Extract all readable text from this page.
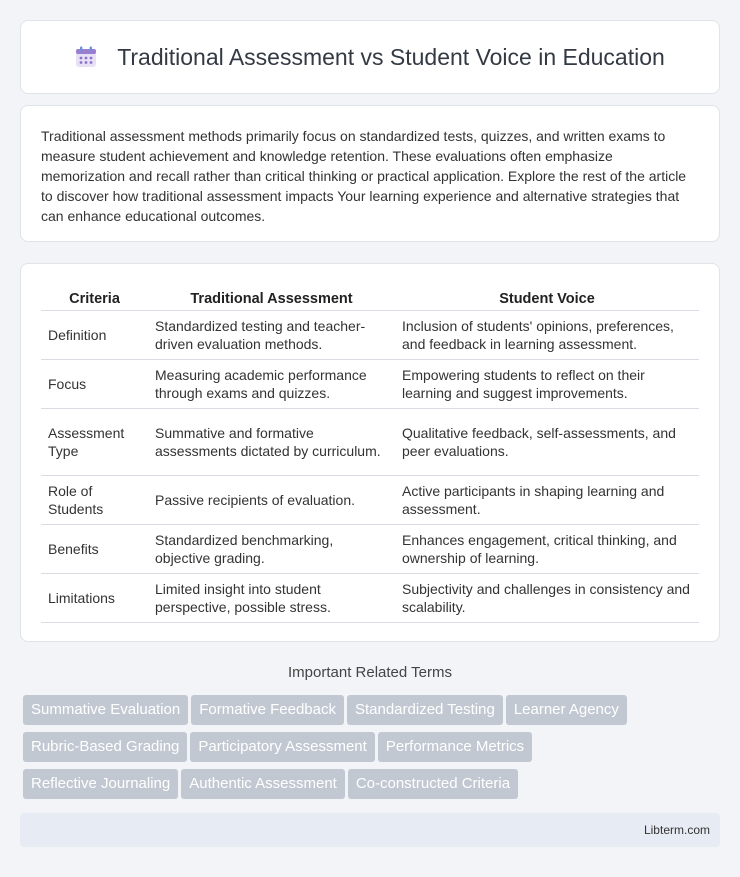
Traditional Assessment vs Student Voice in Education

Traditional assessment methods primarily focus on standardized tests, quizzes, and written exams to measure student achievement and knowledge retention. These evaluations often emphasize memorization and recall rather than critical thinking or practical application. Explore the rest of the article to discover how traditional assessment impacts Your learning experience and alternative strategies that can enhance educational outcomes.

Criteria	Traditional Assessment	Student Voice
Definition	Standardized testing and teacher-driven evaluation methods.	Inclusion of students' opinions, preferences, and feedback in learning assessment.
Focus	Measuring academic performance through exams and quizzes.	Empowering students to reflect on their learning and suggest improvements.
Assessment Type	Summative and formative assessments dictated by curriculum.	Qualitative feedback, self-assessments, and peer evaluations.
Role of Students	Passive recipients of evaluation.	Active participants in shaping learning and assessment.
Benefits	Standardized benchmarking, objective grading.	Enhances engagement, critical thinking, and ownership of learning.
Limitations	Limited insight into student perspective, possible stress.	Subjectivity and challenges in consistency and scalability.
Important Related Terms
Summative Evaluation Formative Feedback Standardized Testing Learner Agency
Rubric-Based Grading Participatory Assessment Performance Metrics
Reflective Journaling Authentic Assessment Co-constructed Criteria
Libterm.com
